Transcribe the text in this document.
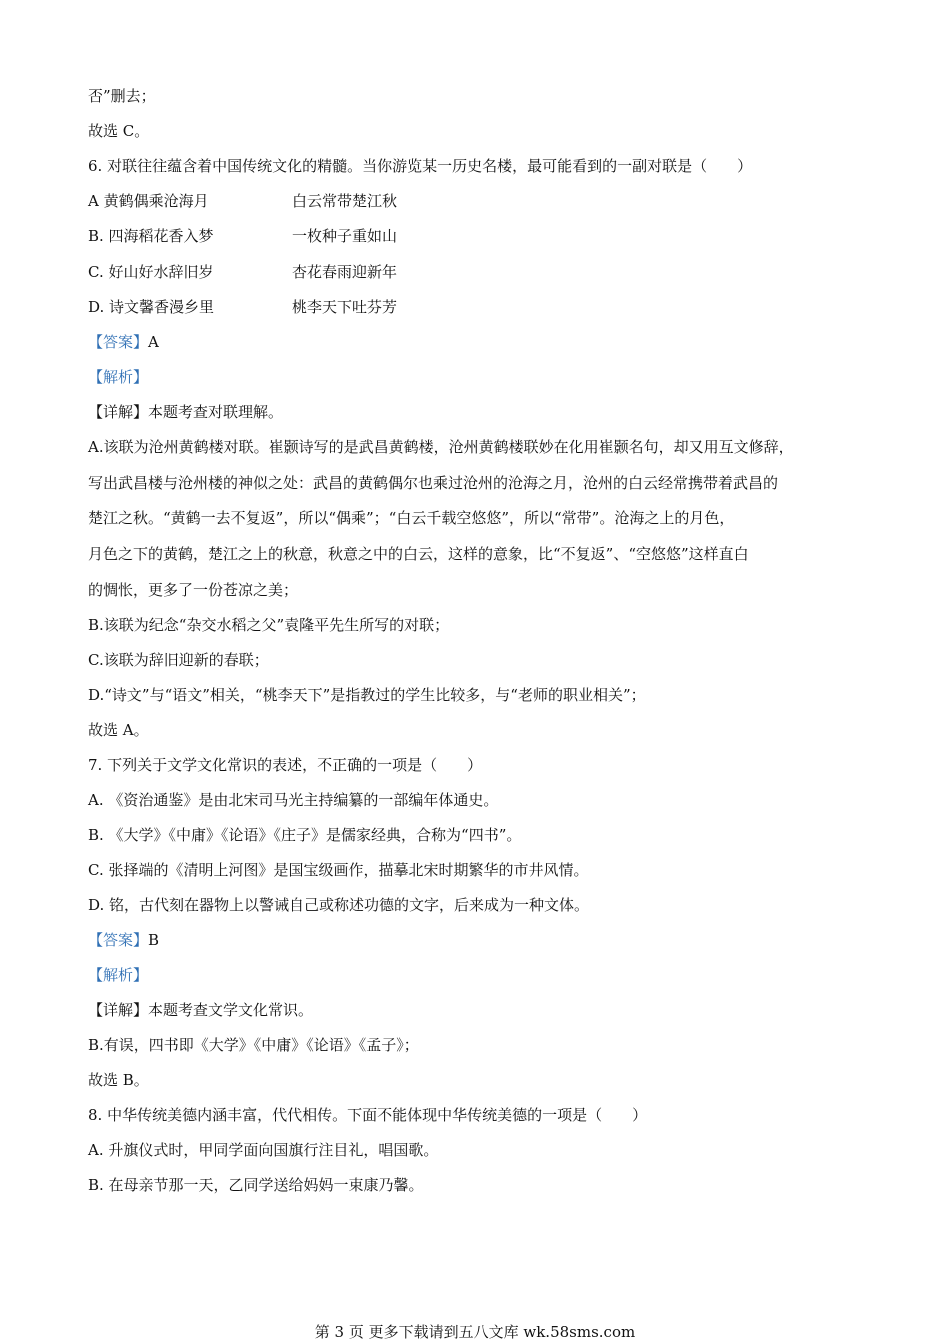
否”删去；
故选 C。
6. 对联往往蕴含着中国传统文化的精髓。当你游览某一历史名楼，最可能看到的一副对联是（　　）
A 黄鹤偶乘沧海月	白云常带楚江秋
B. 四海稻花香入梦	一枚种子重如山
C. 好山好水辞旧岁	杏花春雨迎新年
D. 诗文馨香漫乡里	桃李天下吐芬芳
【答案】A
【解析】
【详解】本题考查对联理解。
A.该联为沧州黄鹤楼对联。崔颢诗写的是武昌黄鹤楼，沧州黄鹤楼联妙在化用崔颢名句，却又用互文修辞，
写出武昌楼与沧州楼的神似之处：武昌的黄鹤偶尔也乘过沧州的沧海之月，沧州的白云经常携带着武昌的
楚江之秋。“黄鹤一去不复返”，所以“偶乘”；“白云千载空悠悠”，所以“常带”。沧海之上的月色，
月色之下的黄鹤，楚江之上的秋意，秋意之中的白云，这样的意象，比“不复返”、“空悠悠”这样直白
的惆怅，更多了一份苍凉之美；
B.该联为纪念“杂交水稻之父”袁隆平先生所写的对联；
C.该联为辞旧迎新的春联；
D.“诗文”与“语文”相关，“桃李天下”是指教过的学生比较多，与“老师的职业相关”；
故选 A。
7. 下列关于文学文化常识的表述，不正确的一项是（　　）
A. 《资治通鉴》是由北宋司马光主持编纂的一部编年体通史。
B. 《大学》《中庸》《论语》《庄子》是儒家经典，合称为“四书”。
C. 张择端的《清明上河图》是国宝级画作，描摹北宋时期繁华的市井风情。
D. 铭，古代刻在器物上以警诫自己或称述功德的文字，后来成为一种文体。
【答案】B
【解析】
【详解】本题考查文学文化常识。
B.有误，四书即《大学》《中庸》《论语》《孟子》；
故选 B。
8. 中华传统美德内涵丰富，代代相传。下面不能体现中华传统美德的一项是（　　）
A. 升旗仪式时，甲同学面向国旗行注目礼，唱国歌。
B. 在母亲节那一天，乙同学送给妈妈一束康乃馨。
第 3 页 更多下载请到五八文库 wk.58sms.com
